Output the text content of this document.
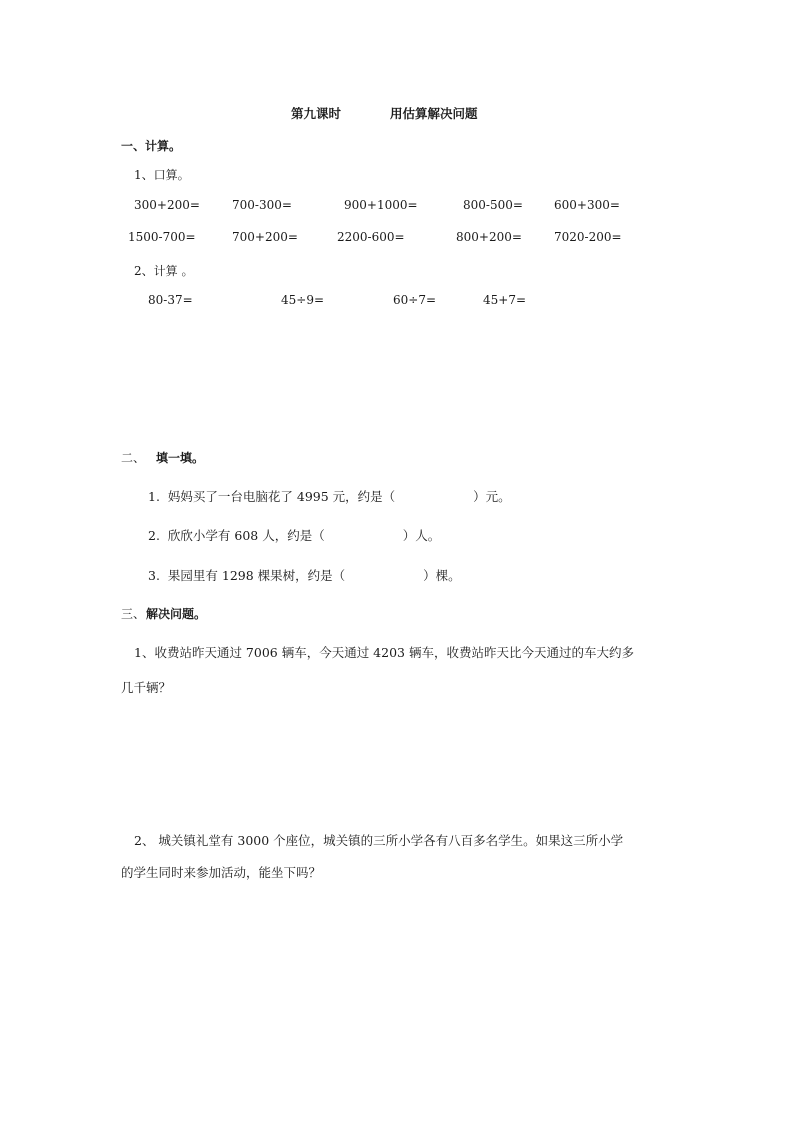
第九课时	用估算解决问题
一、计算。
1、口算。
300+200=	700-300=	900+1000=	800-500=	600+300=
1500-700=	700+200=	2200-600=	800+200=	7020-200=
2、计算 。
80-37=	45÷9=	60÷7=	45+7=
二、 填一填。
1. 妈妈买了一台电脑花了 4995 元，约是（	）元。
2. 欣欣小学有 608 人，约是（	）人。
3. 果园里有 1298 棵果树，约是（	）棵。
三、 解决问题。
1、收费站昨天通过 7006 辆车，今天通过 4203 辆车，收费站昨天比今天通过的车大约多
几千辆？
2、 城关镇礼堂有 3000 个座位，城关镇的三所小学各有八百多名学生。如果这三所小学
的学生同时来参加活动，能坐下吗？
